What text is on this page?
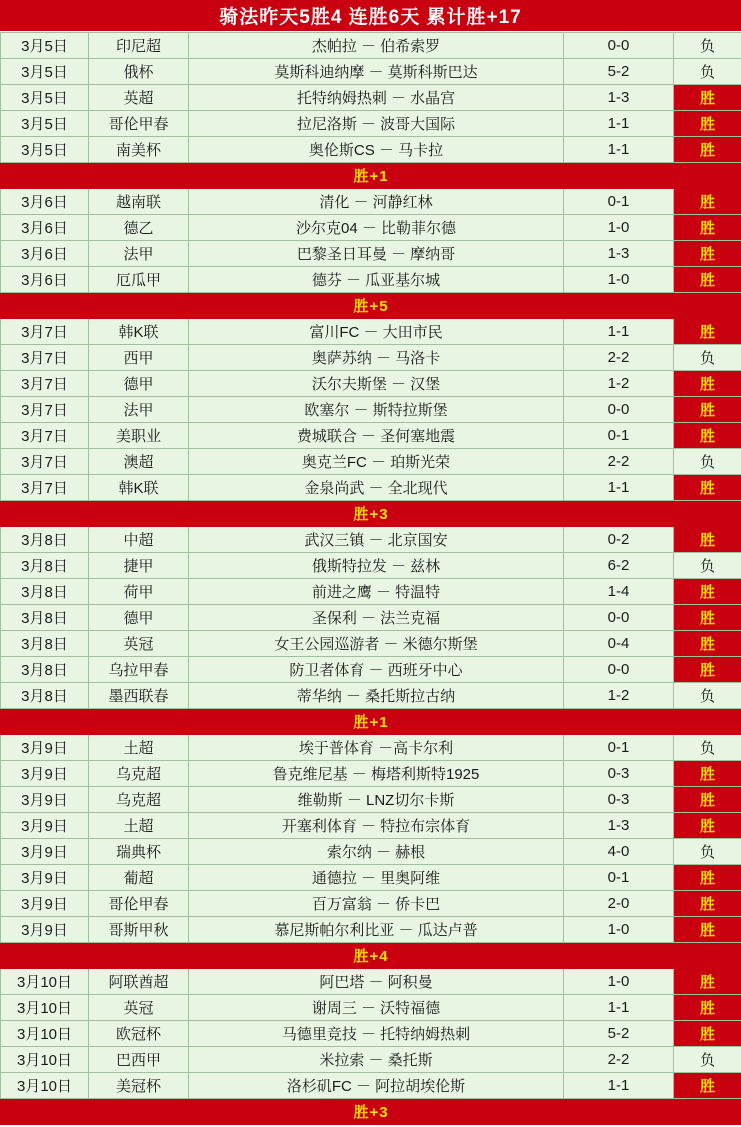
骑法昨天5胜4 连胜6天 累计胜+17
3月5日	印尼超	杰帕拉 － 伯希索罗	0-0	负
3月5日	俄杯	莫斯科迪纳摩 － 莫斯科斯巴达	5-2	负
3月5日	英超	托特纳姆热刺 － 水晶宫	1-3	胜
3月5日	哥伦甲春	拉尼洛斯 － 波哥大国际	1-1	胜
3月5日	南美杯	奥伦斯CS － 马卡拉	1-1	胜
胜+1				
3月6日	越南联	清化 － 河静红林	0-1	胜
3月6日	德乙	沙尔克04 － 比勒菲尔德	1-0	胜
3月6日	法甲	巴黎圣日耳曼 － 摩纳哥	1-3	胜
3月6日	厄瓜甲	德芬 － 瓜亚基尔城	1-0	胜
胜+5				
3月7日	韩K联	富川FC － 大田市民	1-1	胜
3月7日	西甲	奥萨苏纳 － 马洛卡	2-2	负
3月7日	德甲	沃尔夫斯堡 － 汉堡	1-2	胜
3月7日	法甲	欧塞尔 － 斯特拉斯堡	0-0	胜
3月7日	美职业	费城联合 － 圣何塞地震	0-1	胜
3月7日	澳超	奥克兰FC － 珀斯光荣	2-2	负
3月7日	韩K联	金泉尚武 － 全北现代	1-1	胜
胜+3				
3月8日	中超	武汉三镇 － 北京国安	0-2	胜
3月8日	捷甲	俄斯特拉发 － 兹林	6-2	负
3月8日	荷甲	前进之鹰 － 特温特	1-4	胜
3月8日	德甲	圣保利 － 法兰克福	0-0	胜
3月8日	英冠	女王公园巡游者 － 米德尔斯堡	0-4	胜
3月8日	乌拉甲春	防卫者体育 － 西班牙中心	0-0	胜
3月8日	墨西联春	蒂华纳 － 桑托斯拉古纳	1-2	负
胜+1				
3月9日	土超	埃于普体育 －高卡尔利	0-1	负
3月9日	乌克超	鲁克维尼基 － 梅塔利斯特1925	0-3	胜
3月9日	乌克超	维勒斯 － LNZ切尔卡斯	0-3	胜
3月9日	土超	开塞利体育 － 特拉布宗体育	1-3	胜
3月9日	瑞典杯	索尔纳 － 赫根	4-0	负
3月9日	葡超	通德拉 － 里奥阿维	0-1	胜
3月9日	哥伦甲春	百万富翁 － 侨卡巴	2-0	胜
3月9日	哥斯甲秋	慕尼斯帕尔利比亚 － 瓜达卢普	1-0	胜
胜+4				
3月10日	阿联酋超	阿巴塔 － 阿积曼	1-0	胜
3月10日	英冠	谢周三 － 沃特福德	1-1	胜
3月10日	欧冠杯	马德里竞技 － 托特纳姆热刺	5-2	胜
3月10日	巴西甲	米拉索 － 桑托斯	2-2	负
3月10日	美冠杯	洛杉矶FC － 阿拉胡埃伦斯	1-1	胜
胜+3				
